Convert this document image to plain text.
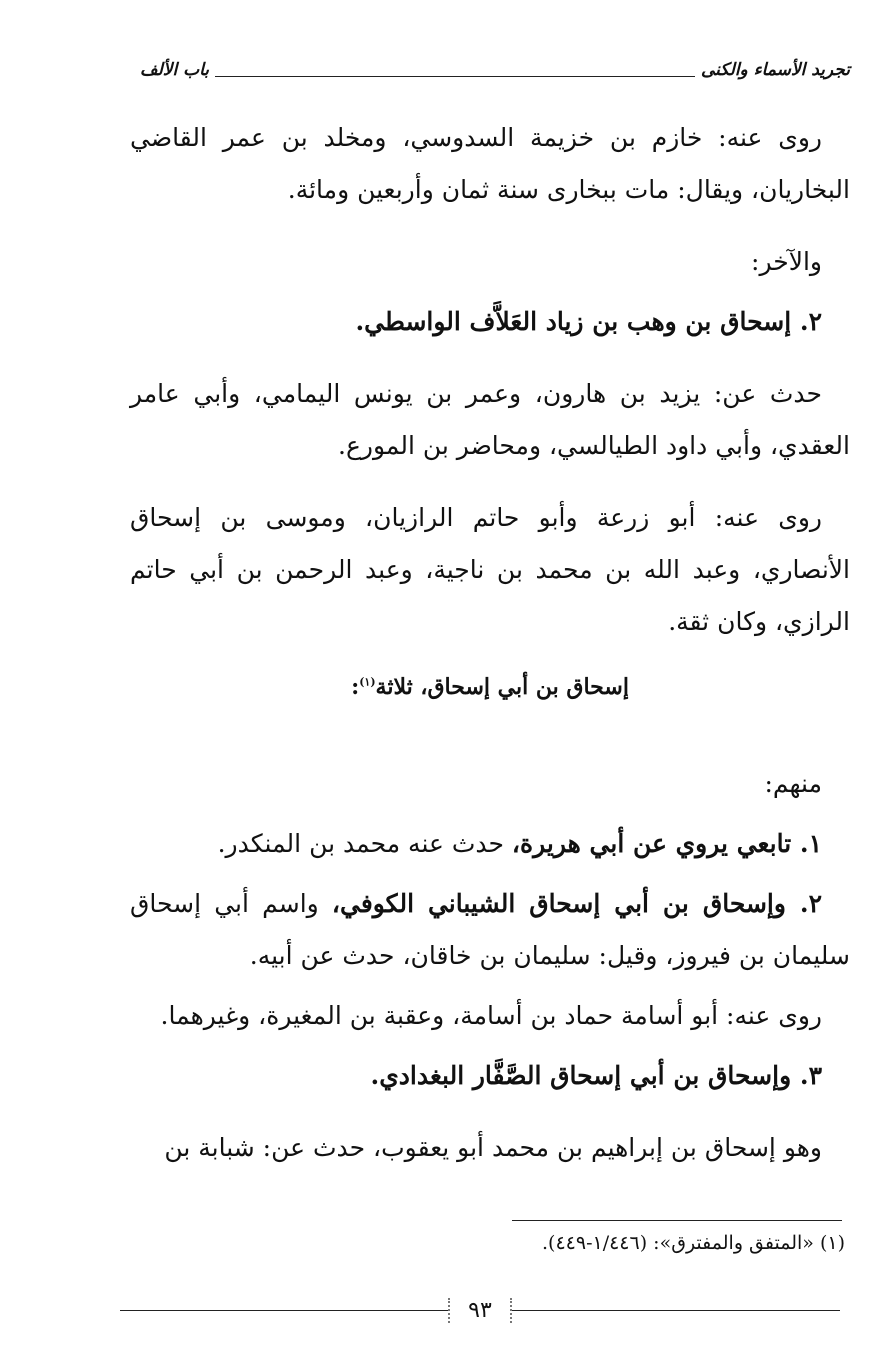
تجريد الأسماء والكنى
باب الألف

روى عنه: خازم بن خزيمة السدوسي، ومخلد بن عمر القاضي البخاريان، ويقال: مات ببخارى سنة ثمان وأربعين ومائة.

والآخر:

٢. إسحاق بن وهب بن زياد العَلاَّف الواسطي.

حدث عن: يزيد بن هارون، وعمر بن يونس اليمامي، وأبي عامر العقدي، وأبي داود الطيالسي، ومحاضر بن المورع.

روى عنه: أبو زرعة وأبو حاتم الرازيان، وموسى بن إسحاق الأنصاري، وعبد الله بن محمد بن ناجية، وعبد الرحمن بن أبي حاتم الرازي، وكان ثقة.

إسحاق بن أبي إسحاق، ثلاثة$^{(١)}$:

منهم:

١. تابعي يروي عن أبي هريرة، حدث عنه محمد بن المنكدر.

٢. وإسحاق بن أبي إسحاق الشيباني الكوفي، واسم أبي إسحاق سليمان بن فيروز، وقيل: سليمان بن خاقان، حدث عن أبيه.

روى عنه: أبو أسامة حماد بن أسامة، وعقبة بن المغيرة، وغيرهما.

٣. وإسحاق بن أبي إسحاق الصَّفَّار البغدادي.

وهو إسحاق بن إبراهيم بن محمد أبو يعقوب، حدث عن: شبابة بن

(١) «المتفق والمفترق»: (١/٤٤٦-٤٤٩).
٩٣
